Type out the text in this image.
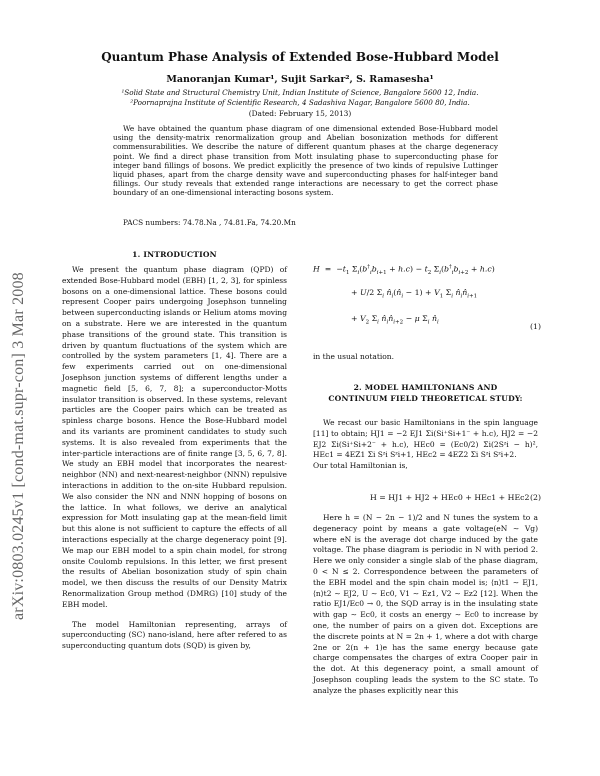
arXiv:0803.0245v1 [cond-mat.supr-con] 3 Mar 2008
Quantum Phase Analysis of Extended Bose-Hubbard Model
Manoranjan Kumar¹, Sujit Sarkar², S. Ramasesha¹
¹Solid State and Structural Chemistry Unit, Indian Institute of Science, Bangalore 5600 12, India.
²Poornaprajna Institute of Scientific Research, 4 Sadashiva Nagar, Bangalore 5600 80, India.
(Dated: February 15, 2013)
We have obtained the quantum phase diagram of one dimensional extended Bose-Hubbard model using the density-matrix renormalization group and Abelian bosonization methods for different commensurabilities. We describe the nature of different quantum phases at the charge degeneracy point. We find a direct phase transition from Mott insulating phase to superconducting phase for integer band fillings of bosons. We predict explicitly the presence of two kinds of repulsive Luttinger liquid phases, apart from the charge density wave and superconducting phases for half-integer band fillings. Our study reveals that extended range interactions are necessary to get the correct phase boundary of an one-dimensional interacting bosons system.
PACS numbers: 74.78.Na , 74.81.Fa, 74.20.Mn
1. INTRODUCTION

We present the quantum phase diagram (QPD) of extended Bose-Hubbard model (EBH) [1, 2, 3], for spinless bosons on a one-dimensional lattice. These bosons could represent Cooper pairs undergoing Josephson tunneling between superconducting islands or Helium atoms moving on a substrate. Here we are interested in the quantum phase transitions of the ground state. This transition is driven by quantum fluctuations of the system which are controlled by the system parameters [1, 4]. There are a few experiments carried out on one-dimensional Josephson junction systems of different lengths under a magnetic field [5, 6, 7, 8]; a superconductor-Motts insulator transition is observed. In these systems, relevant particles are the Cooper pairs which can be treated as spinless charge bosons. Hence the Bose-Hubbard model and its variants are prominent candidates to study such systems. It is also revealed from experiments that the inter-particle interactions are of finite range [3, 5, 6, 7, 8]. We study an EBH model that incorporates the nearest-neighbor (NN) and next-nearest-neighbor (NNN) repulsive interactions in addition to the on-site Hubbard repulsion. We also consider the NN and NNN hopping of bosons on the lattice. In what follows, we derive an analytical expression for Mott insulating gap at the mean-field limit but this alone is not sufficient to capture the effects of all interactions especially at the charge degeneracy point [9]. We map our EBH model to a spin chain model, for strong onsite Coulomb repulsions. In this letter, we first present the results of Abelian bosonization study of spin chain model, we then discuss the results of our Density Matrix Renormalization Group method (DMRG) [10] study of the EBH model.

The model Hamiltonian representing, arrays of superconducting (SC) nano-island, here after refered to as superconducting quantum dots (SQD) is given by,

$H = -t_1$ $\Sigma_i(b^\dagger_ib_{i+1} + h.c) - t_2$ $\Sigma_i(b^\dagger_ib_{i+2} + h.c)$
+ U/2 $\Sigma_i$ $n̂_i(n̂_i - 1) + V_1$ $\Sigma_i$ $n̂_in̂_{i+1}$
+ $V_2$ $\Sigma_i$ $n̂_in̂_{i+2} - \mu$ $\Sigma_i$ $n̂_i$	(1)
in the usual notation.
2. MODEL HAMILTONIANS AND
CONTINUUM FIELD THEORETICAL STUDY:

We recast our basic Hamiltonians in the spin language [11] to obtain; HJ1 = −2 EJ1 Σi(Si⁺Si+1⁻ + h.c), HJ2 = −2 EJ2 Σi(Si⁺Si+2⁻ + h.c), HEc0 = (Ec0/2) Σi(2Sᶻi − h)², HEc1 = 4EZ1 Σi Sᶻi Sᶻi+1, HEc2 = 4EZ2 Σi Sᶻi Sᶻi+2.

Our total Hamiltonian is,

H = HJ1 + HJ2 + HEc0 + HEc1 + HEc2 (2)

Here h = (N − 2n − 1)/2 and N tunes the system to a degeneracy point by means a gate voltage(eN ∼ Vg) where eN is the average dot charge induced by the gate voltage. The phase diagram is periodic in N with period 2. Here we only consider a single slab of the phase diagram, 0 < N ≤ 2. Correspondence between the parameters of the EBH model and the spin chain model is; ⟨n⟩t1 ∼ EJ1, ⟨n⟩t2 ∼ EJ2, U ∼ Ec0, V1 ∼ Ez1, V2 ∼ Ez2 [12]. When the ratio EJ1/Ec0 → 0, the SQD array is in the insulating state with gap ∼ Ec0, it costs an energy ∼ Ec0 to increase by one, the number of pairs on a given dot. Exceptions are the discrete points at N = 2n + 1, where a dot with charge 2ne or 2(n + 1)e has the same energy because gate charge compensates the charges of extra Cooper pair in the dot. At this degeneracy point, a small amount of Josephson coupling leads the system to the SC state. To analyze the phases explicitly near this
